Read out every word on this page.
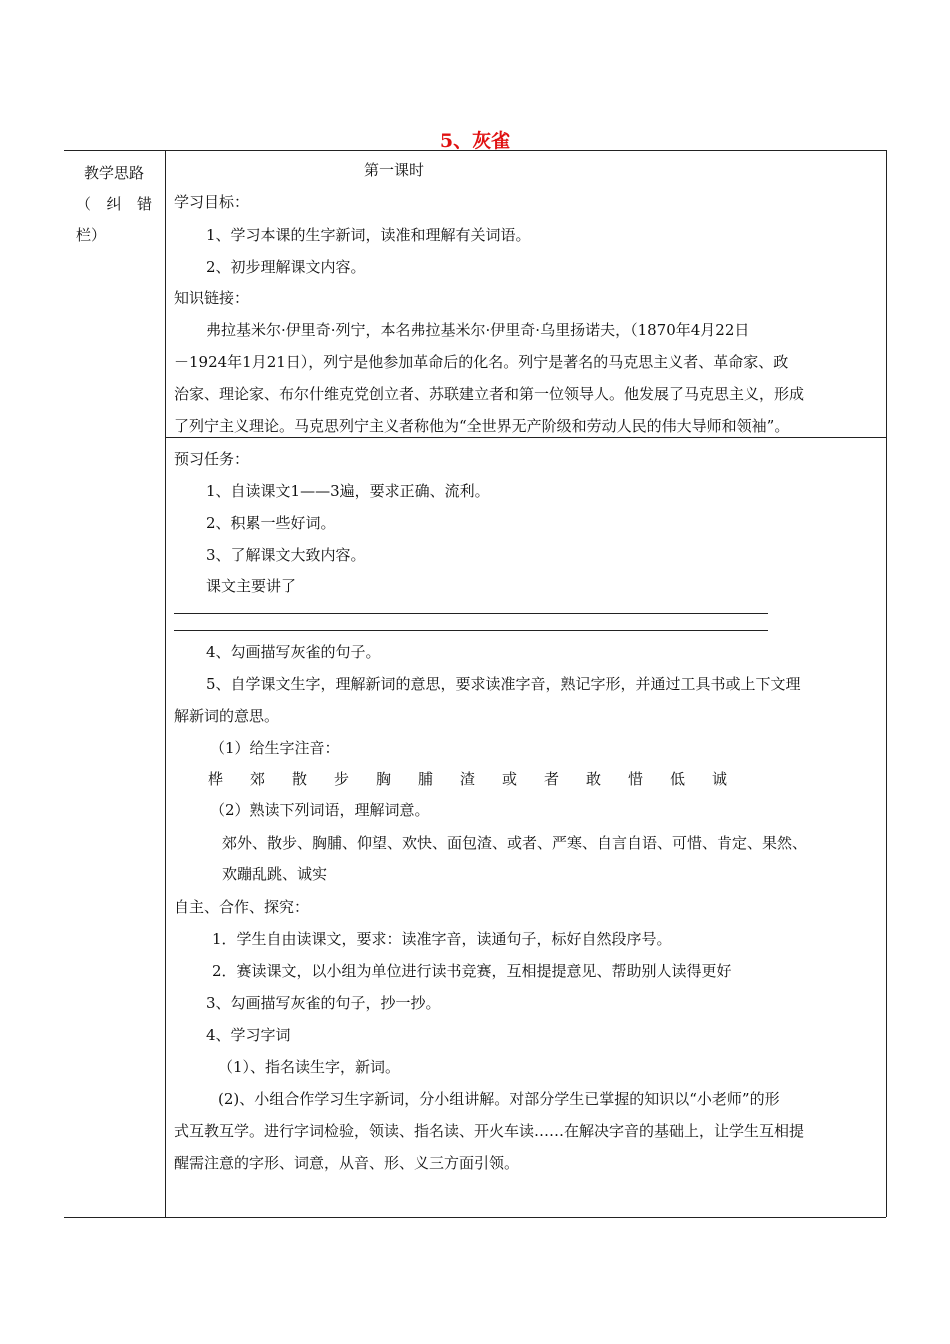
5、灰雀
教学思路
（ 纠 错
栏）
第一课时
学习目标：
1、学习本课的生字新词，读准和理解有关词语。
2、初步理解课文内容。
知识链接：
弗拉基米尔·伊里奇·列宁，本名弗拉基米尔·伊里奇·乌里扬诺夫，（1870年4月22日
－1924年1月21日），列宁是他参加革命后的化名。列宁是著名的马克思主义者、革命家、政
治家、理论家、布尔什维克党创立者、苏联建立者和第一位领导人。他发展了马克思主义，形成
了列宁主义理论。马克思列宁主义者称他为“全世界无产阶级和劳动人民的伟大导师和领袖”。
预习任务：
1、自读课文1——3遍，要求正确、流利。
2、积累一些好词。
3、了解课文大致内容。
课文主要讲了
4、勾画描写灰雀的句子。
5、自学课文生字，理解新词的意思，要求读准字音，熟记字形，并通过工具书或上下文理
解新词的意思。
（1）给生字注音：
桦	郊	散	步	胸	脯	渣	或	者	敢	惜	低	诚
（2）熟读下列词语，理解词意。
郊外、散步、胸脯、仰望、欢快、面包渣、或者、严寒、自言自语、可惜、肯定、果然、
欢蹦乱跳、诚实
自主、合作、探究：
1．学生自由读课文，要求：读准字音，读通句子，标好自然段序号。
2．赛读课文，以小组为单位进行读书竞赛，互相提提意见、帮助别人读得更好
3、勾画描写灰雀的句子，抄一抄。
4、学习字词
（1）、指名读生字，新词。
(2)、小组合作学习生字新词，分小组讲解。对部分学生已掌握的知识以“小老师”的形
式互教互学。进行字词检验，领读、指名读、开火车读……在解决字音的基础上，让学生互相提
醒需注意的字形、词意，从音、形、义三方面引领。
